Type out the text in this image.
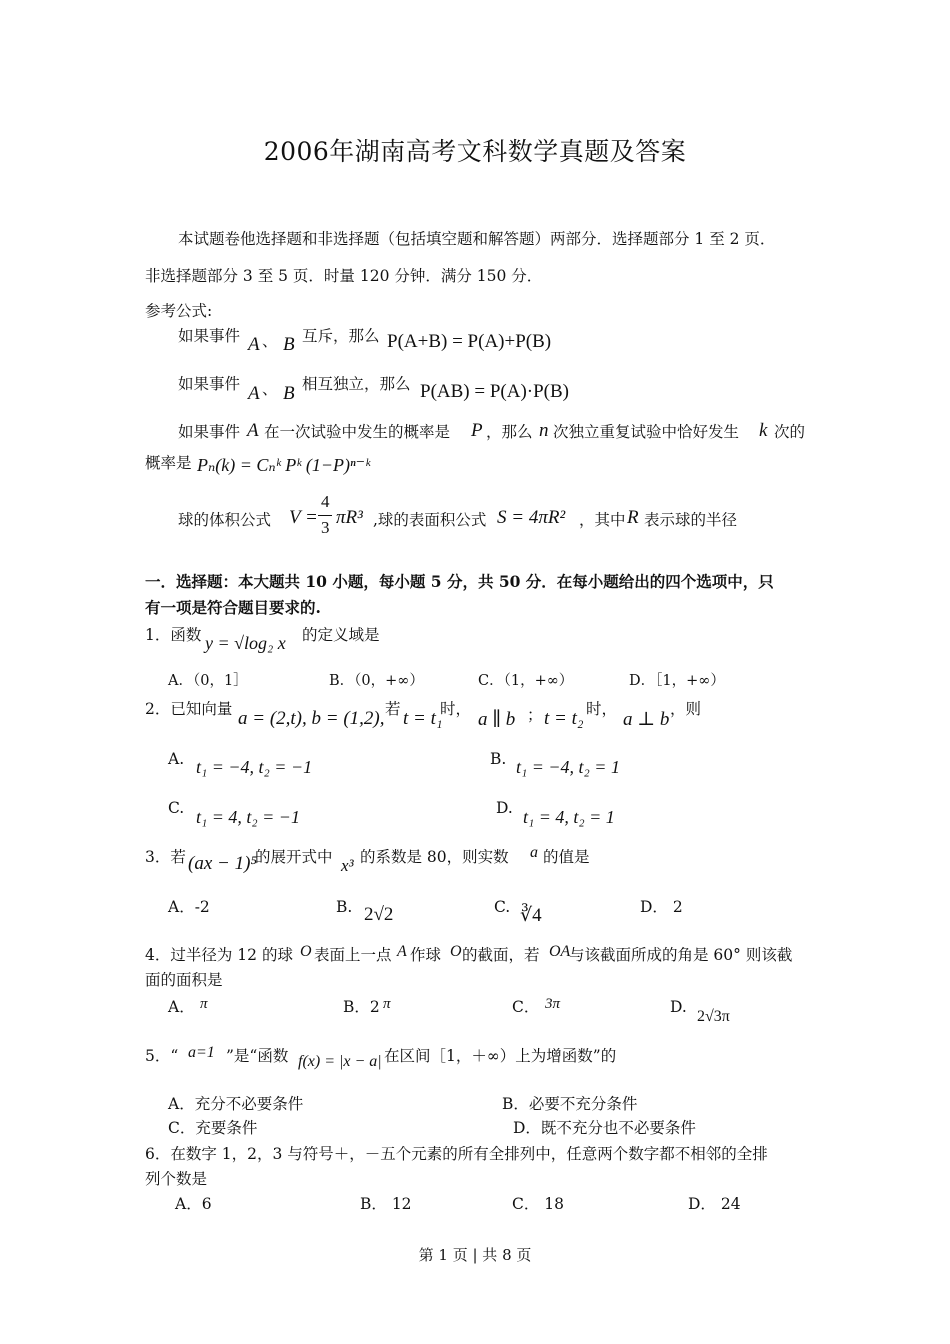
2006年湖南高考文科数学真题及答案
本试题卷他选择题和非选择题（包括填空题和解答题）两部分．选择题部分 1 至 2 页．
非选择题部分 3 至 5 页．时量 120 分钟．满分 150 分．
参考公式:
如果事件 A 、 B 互斥，那么 P(A+B) = P(A)+P(B)
如果事件 A 、 B 相互独立，那么 P(AB) = P(A)·P(B)
如果事件 A 在一次试验中发生的概率是 P ，那么 n 次独立重复试验中恰好发生 k 次的
概率是 Pₙ(k) = Cₙᵏ Pᵏ (1−P)ⁿ⁻ᵏ
球的体积公式 V =
4
3 πR³ ,球的表面积公式 S = 4πR² ，其中 R 表示球的半径
一．选择题：本大题共 10 小题，每小题 5 分，共 50 分．在每小题给出的四个选项中，只
有一项是符合题目要求的.
1．函数 y = √log₂ x 的定义域是
A．（0，1］	B．（0，+∞）	C．（1，+∞）	D．［1，+∞）
2．已知向量 a = (2,t), b = (1,2), 若 t = t₁
时， a ∥ b ； t = t₂ 时， a ⊥ b ，则
A. t₁ = −4, t₂ = −1	B. t₁ = −4, t₂ = 1
C. t₁ = 4, t₂ = −1	D. t₁ = 4, t₂ = 1
3．若 (ax − 1)⁵
的展开式中 x³ 的系数是 80，则实数 a 的值是
A．-2	B. 2√2	C. ∛4	D． 2
4．过半径为 12 的球 O 表面上一点 A 作球 O 的截面，若 OA
与该截面所成的角是 60° 则该截
面的面积是
A． π	B．2 π	C． 3π	D.
2√3π
5．“ a=1 ”是“函数 f(x) = |x − a| 在区间［1，＋∞）上为增函数”的
A．充分不必要条件	B．必要不充分条件
C．充要条件	D．既不充分也不必要条件
6．在数字 1，2，3 与符号＋，－五个元素的所有全排列中，任意两个数字都不相邻的全排
列个数是
A．6	B． 12	C． 18	D． 24
第 1 页 | 共 8 页
